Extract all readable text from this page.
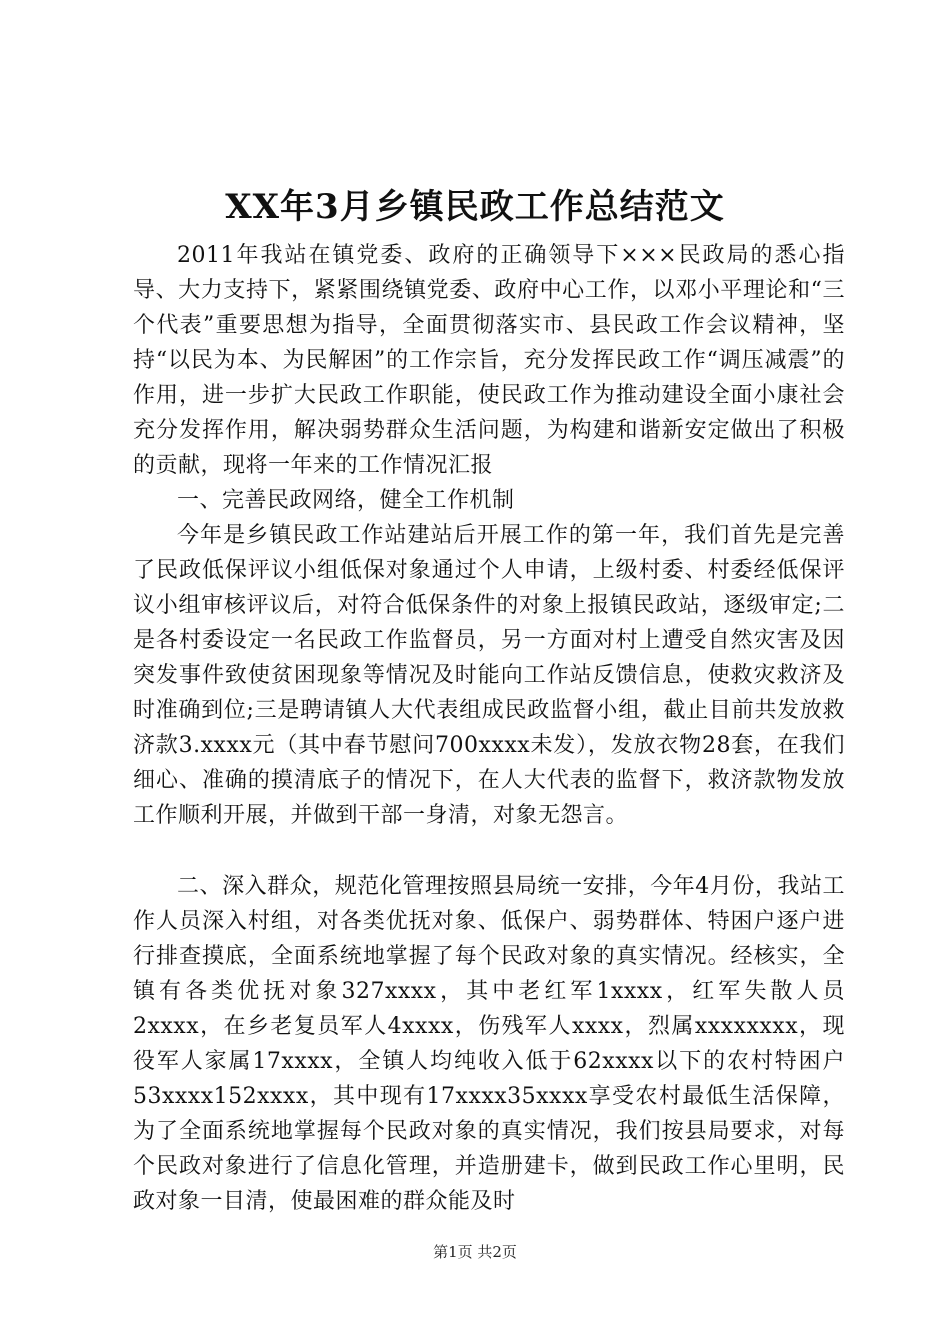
XX年3月乡镇民政工作总结范文

2011年我站在镇党委、政府的正确领导下×××民政局的悉心指导、大力支持下，紧紧围绕镇党委、政府中心工作，以邓小平理论和“三个代表”重要思想为指导，全面贯彻落实市、县民政工作会议精神，坚持“以民为本、为民解困”的工作宗旨，充分发挥民政工作“调压减震”的作用，进一步扩大民政工作职能，使民政工作为推动建设全面小康社会充分发挥作用，解决弱势群众生活问题，为构建和谐新安定做出了积极的贡献，现将一年来的工作情况汇报

一、完善民政网络，健全工作机制

今年是乡镇民政工作站建站后开展工作的第一年，我们首先是完善了民政低保评议小组低保对象通过个人申请，上级村委、村委经低保评议小组审核评议后，对符合低保条件的对象上报镇民政站，逐级审定;二是各村委设定一名民政工作监督员，另一方面对村上遭受自然灾害及因突发事件致使贫困现象等情况及时能向工作站反馈信息，使救灾救济及时准确到位;三是聘请镇人大代表组成民政监督小组，截止目前共发放救济款3.xxxx元（其中春节慰问700xxxx未发），发放衣物28套，在我们细心、准确的摸清底子的情况下，在人大代表的监督下，救济款物发放工作顺利开展，并做到干部一身清，对象无怨言。

二、深入群众，规范化管理按照县局统一安排，今年4月份，我站工作人员深入村组，对各类优抚对象、低保户、弱势群体、特困户逐户进行排查摸底，全面系统地掌握了每个民政对象的真实情况。经核实，全镇有各类优抚对象327xxxx，其中老红军1xxxx，红军失散人员2xxxx，在乡老复员军人4xxxx，伤残军人xxxx，烈属xxxxxxxx，现役军人家属17xxxx，全镇人均纯收入低于62xxxx以下的农村特困户53xxxx152xxxx，其中现有17xxxx35xxxx享受农村最低生活保障，为了全面系统地掌握每个民政对象的真实情况，我们按县局要求，对每个民政对象进行了信息化管理，并造册建卡，做到民政工作心里明，民政对象一目清，使最困难的群众能及时

第1页 共2页
